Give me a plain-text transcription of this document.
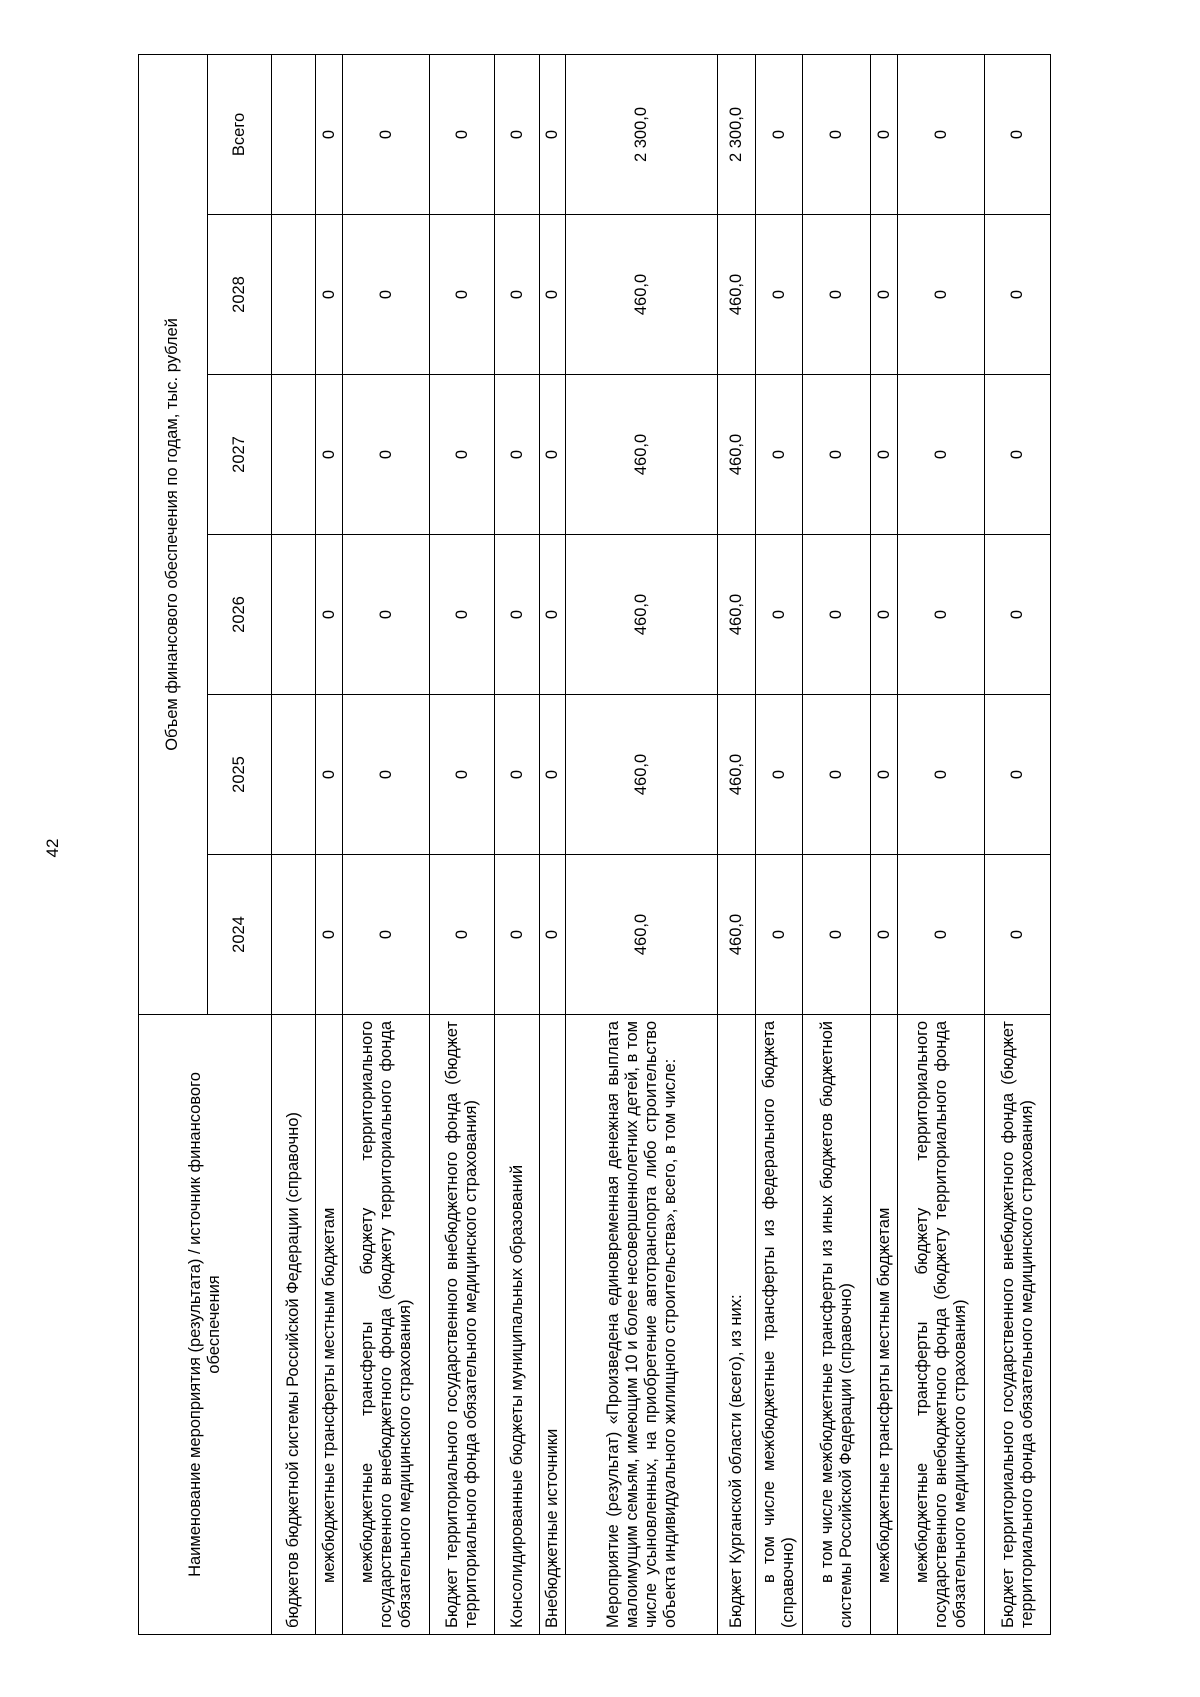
42
Наименование мероприятия (результата) / источник финансового обеспечения	Объем финансового обеспечения по годам, тыс. рублей					
	2024	2025	2026	2027	2028	Всего
бюджетов бюджетной системы Российской Федерации (справочно)						
межбюджетные трансферты местным бюджетам	0	0	0	0	0	0
межбюджетные трансферты бюджету территориального государственного внебюджетного фонда (бюджету территориального фонда обязательного медицинского страхования)	0	0	0	0	0	0
Бюджет территориального государственного внебюджетного фонда (бюджет территориального фонда обязательного медицинского страхования)	0	0	0	0	0	0
Консолидированные бюджеты муниципальных образований	0	0	0	0	0	0
Внебюджетные источники	0	0	0	0	0	0
Мероприятие (результат) «Произведена единовременная денежная выплата малоимущим семьям, имеющим 10 и более несовершеннолетних детей, в том числе усыновленных, на приобретение автотранспорта либо строительство объекта индивидуального жилищного строительства», всего, в том числе:	460,0	460,0	460,0	460,0	460,0	2 300,0
Бюджет Курганской области (всего), из них:	460,0	460,0	460,0	460,0	460,0	2 300,0
в том числе межбюджетные трансферты из федерального бюджета (справочно)	0	0	0	0	0	0
в том числе межбюджетные трансферты из иных бюджетов бюджетной системы Российской Федерации (справочно)	0	0	0	0	0	0
межбюджетные трансферты местным бюджетам	0	0	0	0	0	0
межбюджетные трансферты бюджету территориального государственного внебюджетного фонда (бюджету территориального фонда обязательного медицинского страхования)	0	0	0	0	0	0
Бюджет территориального государственного внебюджетного фонда (бюджет территориального фонда обязательного медицинского страхования)	0	0	0	0	0	0
